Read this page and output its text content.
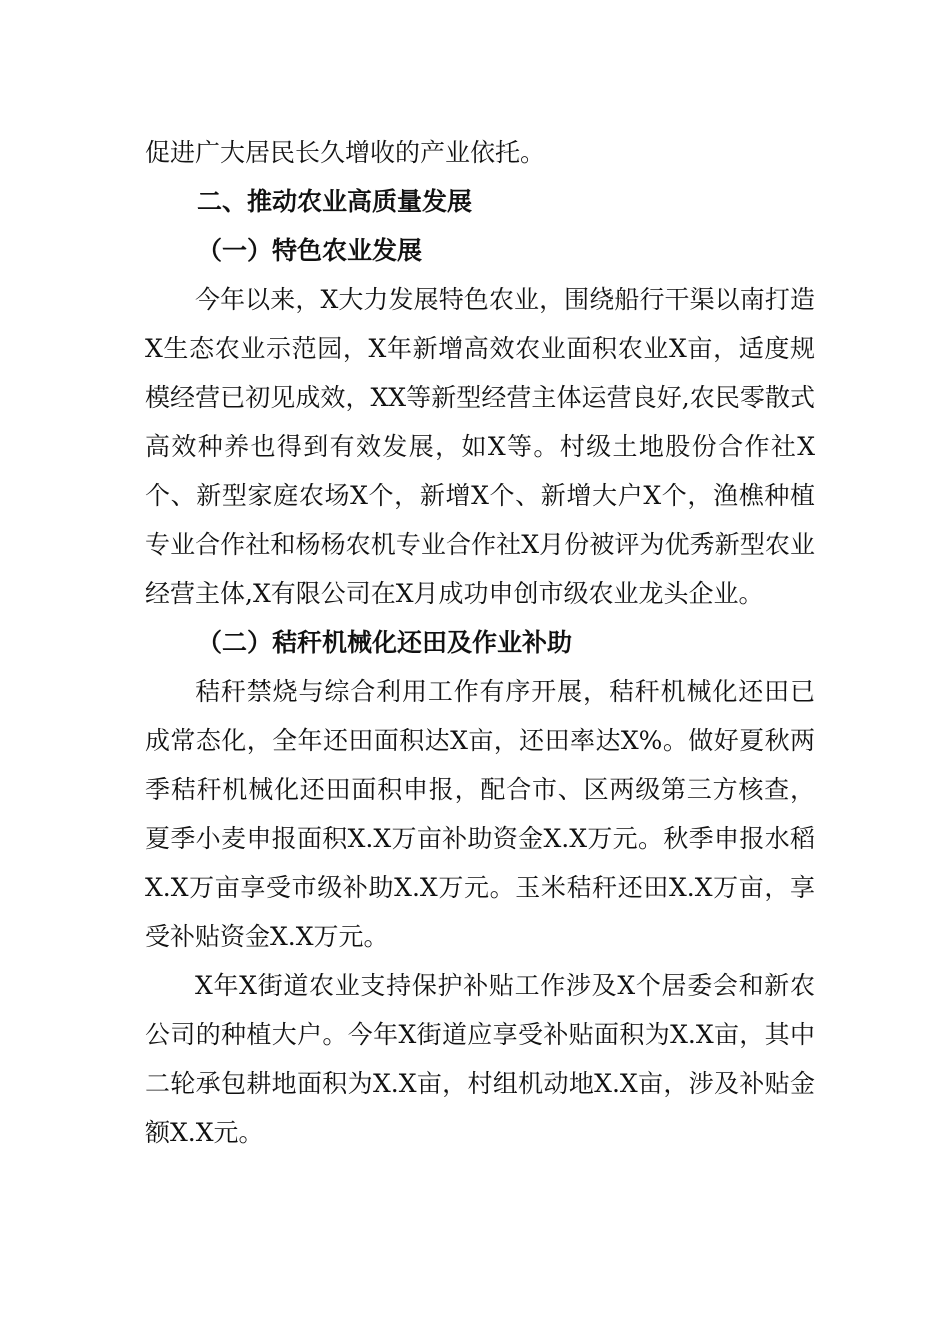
促进广大居民长久增收的产业依托。

二、推动农业高质量发展

（一）特色农业发展

今年以来，X大力发展特色农业，围绕船行干渠以南打造X生态农业示范园，X年新增高效农业面积农业X亩，适度规模经营已初见成效，XX等新型经营主体运营良好,农民零散式高效种养也得到有效发展，如X等。村级土地股份合作社X个、新型家庭农场X个，新增X个、新增大户X个，渔樵种植专业合作社和杨杨农机专业合作社X月份被评为优秀新型农业经营主体,X有限公司在X月成功申创市级农业龙头企业。

（二）秸秆机械化还田及作业补助

秸秆禁烧与综合利用工作有序开展，秸秆机械化还田已成常态化，全年还田面积达X亩，还田率达X%。做好夏秋两季秸秆机械化还田面积申报，配合市、区两级第三方核查，夏季小麦申报面积X.X万亩补助资金X.X万元。秋季申报水稻X.X万亩享受市级补助X.X万元。玉米秸秆还田X.X万亩，享受补贴资金X.X万元。

X年X街道农业支持保护补贴工作涉及X个居委会和新农公司的种植大户。今年X街道应享受补贴面积为X.X亩，其中二轮承包耕地面积为X.X亩，村组机动地X.X亩，涉及补贴金额X.X元。
